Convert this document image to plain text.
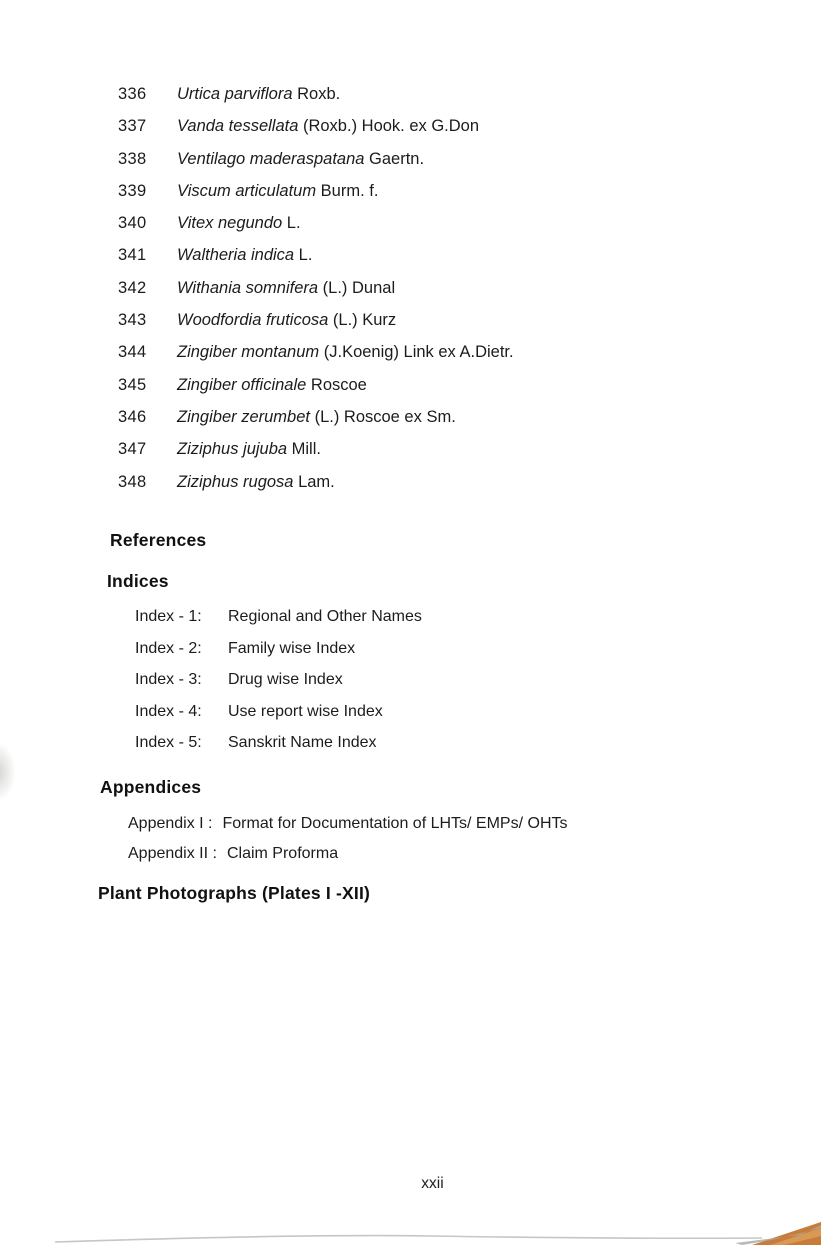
336	Urtica parviflora Roxb.
337	Vanda tessellata (Roxb.) Hook. ex G.Don
338	Ventilago maderaspatana Gaertn.
339	Viscum articulatum Burm. f.
340	Vitex negundo L.
341	Waltheria indica L.
342	Withania somnifera (L.) Dunal
343	Woodfordia fruticosa (L.) Kurz
344	Zingiber montanum (J.Koenig) Link ex A.Dietr.
345	Zingiber officinale Roscoe
346	Zingiber zerumbet (L.) Roscoe ex Sm.
347	Ziziphus jujuba Mill.
348	Ziziphus rugosa Lam.
References
Indices
Index - 1:	Regional and Other Names
Index - 2:	Family wise Index
Index - 3:	Drug wise Index
Index - 4:	Use report wise Index
Index - 5:	Sanskrit Name Index
Appendices
Appendix I : Format for Documentation of LHTs/ EMPs/ OHTs
Appendix II : Claim Proforma
Plant Photographs (Plates I -XII)
xxii
